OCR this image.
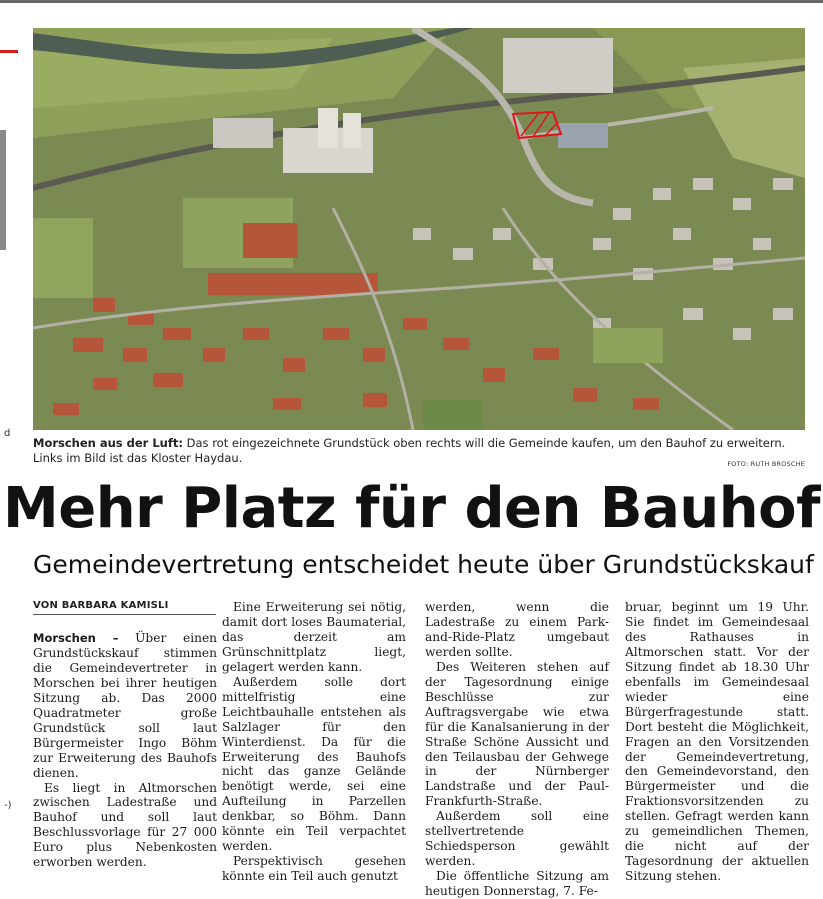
d
-)
Morschen aus der Luft: Das rot eingezeichnete Grundstück oben rechts will die Gemeinde kaufen, um den Bauhof zu erweitern. Links im Bild ist das Kloster Haydau.	FOTO: RUTH BROSCHE
Mehr Platz für den Bauhof
Gemeindevertretung entscheidet heute über Grundstückskauf
VON BARBARA KAMISLI

Morschen – Über einen Grundstückskauf stimmen die Gemeindevertreter in Morschen bei ihrer heutigen Sitzung ab. Das 2000 Quadratmeter große Grundstück soll laut Bürgermeister Ingo Böhm zur Erweiterung des Bauhofs dienen.

Es liegt in Altmorschen zwischen Ladestraße und Bauhof und soll laut Beschlussvorlage für 27 000 Euro plus Nebenkosten erworben werden.

Eine Erweiterung sei nötig, damit dort loses Baumaterial, das derzeit am Grünschnittplatz liegt, gelagert werden kann.

Außerdem solle dort mittelfristig eine Leichtbauhalle entstehen als Salzlager für den Winterdienst. Da für die Erweiterung des Bauhofs nicht das ganze Gelände benötigt werde, sei eine Aufteilung in Parzellen denkbar, so Böhm. Dann könnte ein Teil verpachtet werden.

Perspektivisch gesehen könnte ein Teil auch genutzt

werden, wenn die Ladestraße zu einem Park-and-Ride-Platz umgebaut werden sollte.

Des Weiteren stehen auf der Tagesordnung einige Beschlüsse zur Auftragsvergabe wie etwa für die Kanalsanierung in der Straße Schöne Aussicht und den Teilausbau der Gehwege in der Nürnberger Landstraße und der Paul-Frankfurth-Straße.

Außerdem soll eine stellvertretende Schiedsperson gewählt werden.

Die öffentliche Sitzung am heutigen Donnerstag, 7. Fe-

bruar, beginnt um 19 Uhr. Sie findet im Gemeindesaal des Rathauses in Altmorschen statt. Vor der Sitzung findet ab 18.30 Uhr ebenfalls im Gemeindesaal wieder eine Bürgerfragestunde statt. Dort besteht die Möglichkeit, Fragen an den Vorsitzenden der Gemeindevertretung, den Gemeindevorstand, den Bürgermeister und die Fraktionsvorsitzenden zu stellen. Gefragt werden kann zu gemeindlichen Themen, die nicht auf der Tagesordnung der aktuellen Sitzung stehen.
